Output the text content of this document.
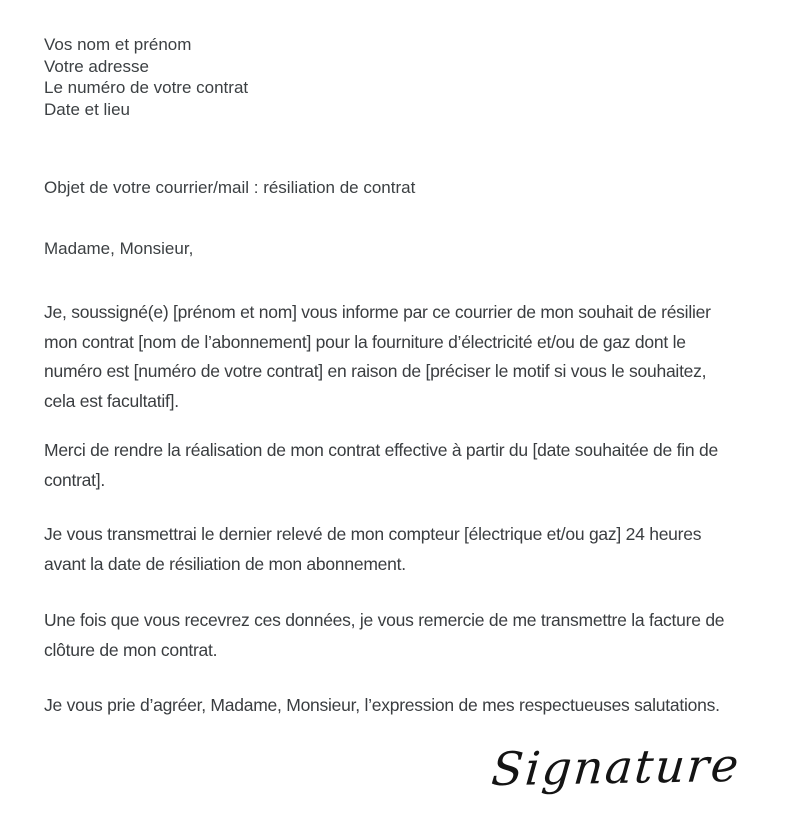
Vos nom et prénom
Votre adresse
Le numéro de votre contrat
Date et lieu
Objet de votre courrier/mail : résiliation de contrat
Madame, Monsieur,
Je, soussigné(e) [prénom et nom] vous informe par ce courrier de mon souhait de résilier
mon contrat [nom de l’abonnement] pour la fourniture d’électricité et/ou de gaz dont le
numéro est [numéro de votre contrat] en raison de [préciser le motif si vous le souhaitez,
cela est facultatif].
Merci de rendre la réalisation de mon contrat effective à partir du [date souhaitée de fin de
contrat].
Je vous transmettrai le dernier relevé de mon compteur [électrique et/ou gaz] 24 heures
avant la date de résiliation de mon abonnement.
Une fois que vous recevrez ces données, je vous remercie de me transmettre la facture de
clôture de mon contrat.
Je vous prie d’agréer, Madame, Monsieur, l’expression de mes respectueuses salutations.
Signature
